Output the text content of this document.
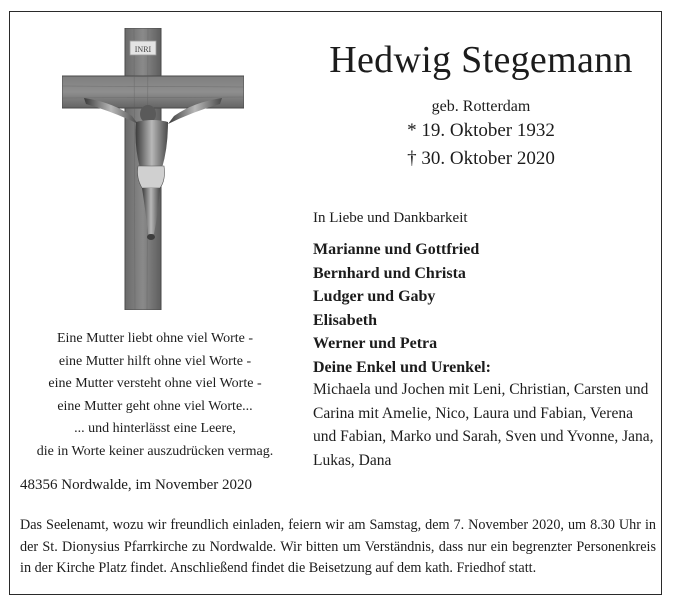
INRI	Hedwig Stegemann
geb. Rotterdam
* 19. Oktober 1932
† 30. Oktober 2020
In Liebe und Dankbarkeit
Marianne und Gottfried
Bernhard und Christa
Ludger und Gaby
Elisabeth
Werner und Petra
Deine Enkel und Urenkel:
Michaela und Jochen mit Leni, Christian, Carsten und Carina mit Amelie, Nico, Laura und Fabian, Verena und Fabian, Marko und Sarah, Sven und Yvonne, Jana, Lukas, Dana
Eine Mutter liebt ohne viel Worte -
eine Mutter hilft ohne viel Worte -
eine Mutter versteht ohne viel Worte -
eine Mutter geht ohne viel Worte...
... und hinterlässt eine Leere,
die in Worte keiner auszudrücken vermag.
48356 Nordwalde, im November 2020
Das Seelenamt, wozu wir freundlich einladen, feiern wir am Samstag, dem 7. November 2020, um 8.30 Uhr in der St. Dionysius Pfarrkirche zu Nordwalde. Wir bitten um Verständnis, dass nur ein begrenzter Personenkreis in der Kirche Platz findet. Anschließend findet die Beisetzung auf dem kath. Friedhof statt.
